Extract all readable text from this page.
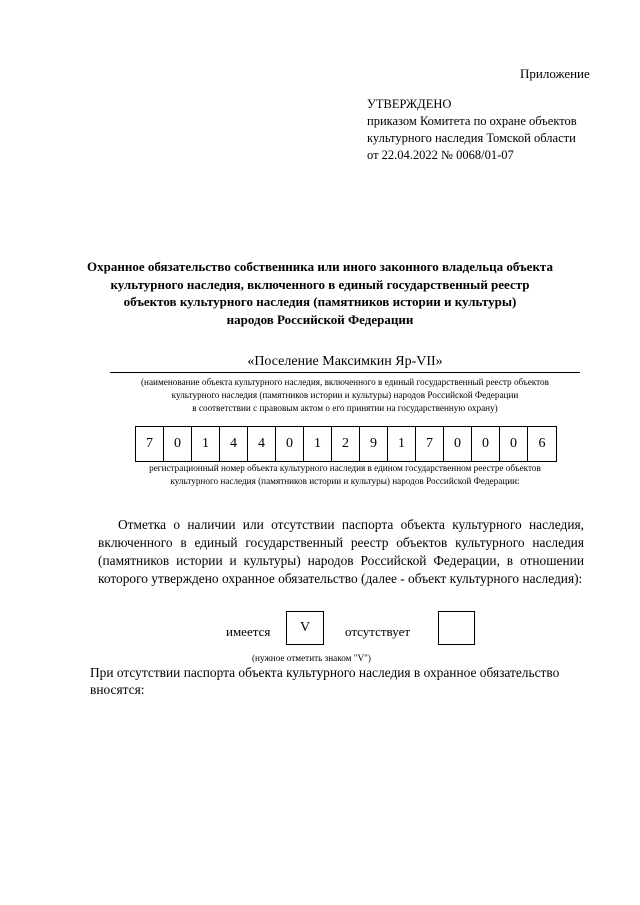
Приложение
УТВЕРЖДЕНО
приказом Комитета по охране объектов
культурного наследия Томской области
от 22.04.2022 № 0068/01-07
Охранное обязательство собственника или иного законного владельца объекта
культурного наследия, включенного в единый государственный реестр
объектов культурного наследия (памятников истории и культуры)
народов Российской Федерации
«Поселение Максимкин Яр-VII»
(наименование объекта культурного наследия, включенного в единый государственный реестр объектов
культурного наследия (памятников истории и культуры) народов Российской Федерации
в соответствии с правовым актом о его принятии на государственную охрану)
7	0	1	4	4	0	1	2	9	1	7	0	0	0	6
регистрационный номер объекта культурного наследия в едином государственном реестре объектов
культурного наследия (памятников истории и культуры) народов Российской Федерации:
Отметка о наличии или отсутствии паспорта объекта культурного наследия, включенного в единый государственный реестр объектов культурного наследия (памятников истории и культуры) народов Российской Федерации, в отношении которого утверждено охранное обязательство (далее - объект культурного наследия):
имеется V	отсутствует
(нужное отметить знаком "V")
При отсутствии паспорта объекта культурного наследия в охранное обязательство вносятся:
